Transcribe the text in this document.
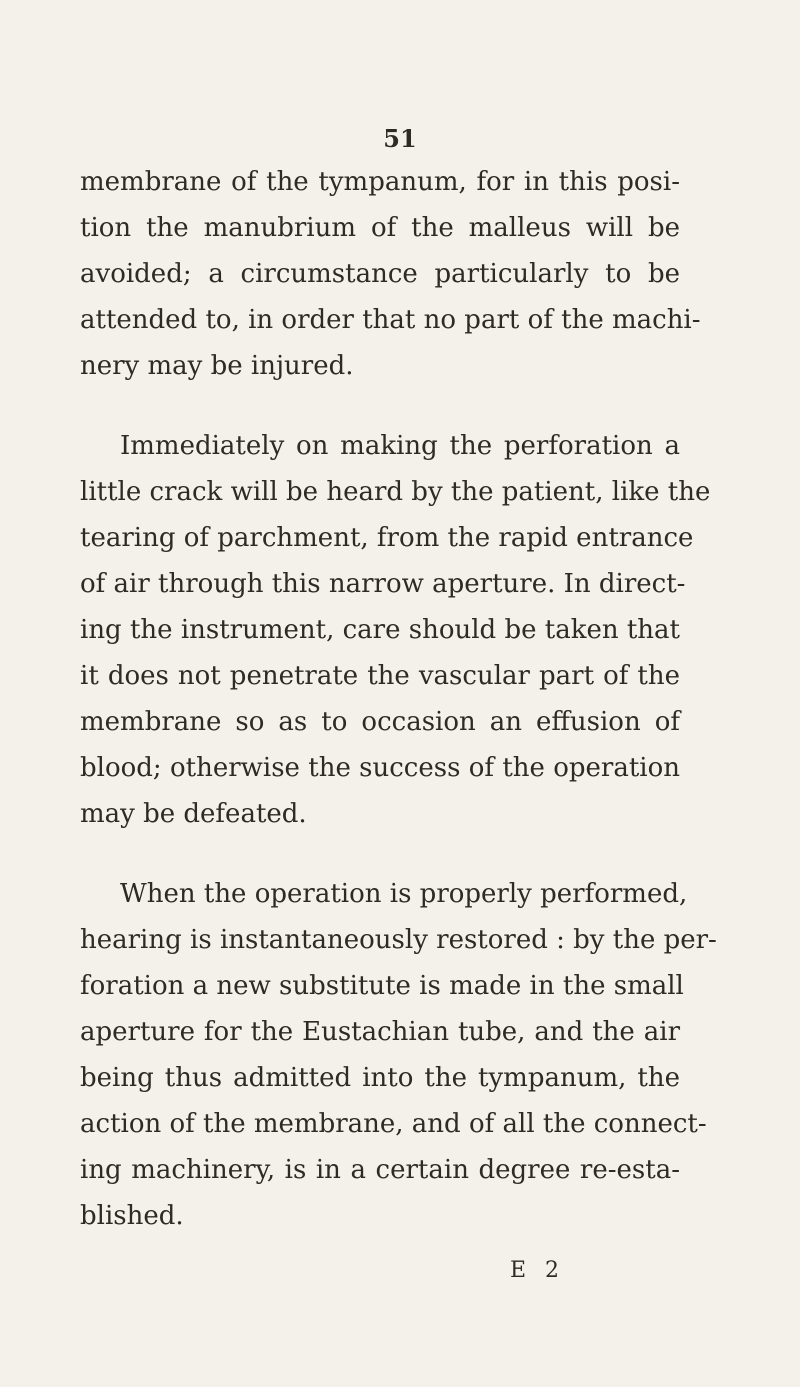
51
membrane of the tympanum, for in this posi-
tion the manubrium of the malleus will be
avoided; a circumstance particularly to be
attended to, in order that no part of the machi-
nery may be injured.
Immediately on making the perforation a
little crack will be heard by the patient, like the
tearing of parchment, from the rapid entrance
of air through this narrow aperture. In direct-
ing the instrument, care should be taken that
it does not penetrate the vascular part of the
membrane so as to occasion an effusion of
blood; otherwise the success of the operation
may be defeated.
When the operation is properly performed,
hearing is instantaneously restored : by the per-
foration a new substitute is made in the small
aperture for the Eustachian tube, and the air
being thus admitted into the tympanum, the
action of the membrane, and of all the connect-
ing machinery, is in a certain degree re-esta-
blished.
E 2
